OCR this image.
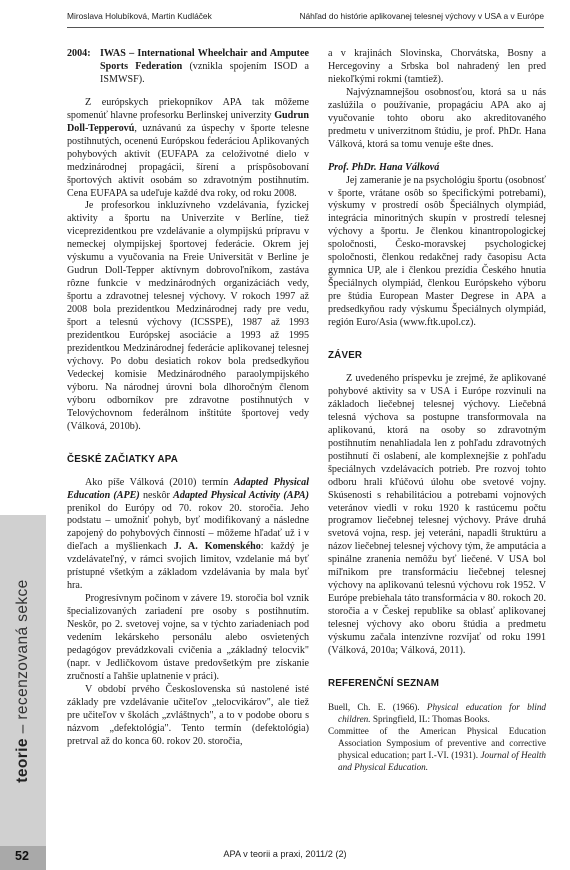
Miroslava Holubíková, Martin Kudláček	Náhľad do histórie aplikovanej telesnej výchovy v USA a v Európe
teorie – recenzovaná sekce
2004: IWAS – International Wheelchair and Amputee Sports Federation (vznikla spojením ISOD a ISMWSF).

Z európskych priekopníkov APA tak môžeme spomenúť hlavne profesorku Berlinskej univerzity Gudrun Doll-Tepperovú, uznávanú za úspechy v športe telesne postihnutých, ocenenú Európskou federáciou Aplikovaných pohybových aktivít (EUFAPA za celoživotné dielo v medzinárodnej propagácii, šírení a príspôsobovaní športových aktivít osobám so zdravotným postihnutím. Cena EUFAPA sa udeľuje každé dva roky, od roku 2008.

Je profesorkou inkluzívneho vzdelávania, fyzickej aktivity a športu na Univerzite v Berlíne, tiež viceprezidentkou pre vzdelávanie a olympijskú prípravu v nemeckej olympijskej športovej federácie. Okrem jej výskumu a vyučovania na Freie Universität v Berline je Gudrun Doll-Tepper aktívnym dobrovoľníkom, zastáva rôzne funkcie v medzinárodných organizáciách vedy, športu a zdravotnej telesnej výchovy. V rokoch 1997 až 2008 bola prezidentkou Medzinárodnej rady pre vedu, šport a telesnú výchovy (ICSSPE), 1987 až 1993 prezidentkou Európskej asociácie a 1993 až 1995 prezidentkou Medzinárodnej federácie aplikovanej telesnej výchovy. Po dobu desiatich rokov bola predsedkyňou Vedeckej komisie Medzinárodného paraolympijského výboru. Na národnej úrovni bola dlhoročným členom výboru odborníkov pre zdravotne postihnutých v Telovýchovnom federálnom inštitúte športovej vedy (Válková, 2010b).

ČESKÉ ZAČIATKY APA

Ako píše Válková (2010) termín Adapted Physical Education (APE) neskôr Adapted Physical Activity (APA) prenikol do Európy od 70. rokov 20. storočia. Jeho podstatu – umožniť pohyb, byť modifikovaný a následne zapojený do pohybových činností – môžeme hľadať už i v dieľach a myšlienkach J. A. Komenského: každý je vzdelávateľný, v rámci svojich limitov, vzdelanie má byť prístupné všetkým a základom vzdelávania by mala byť hra.

Progresívnym počinom v závere 19. storočia bol vznik špecializovaných zariadení pre osoby s postihnutím. Neskôr, po 2. svetovej vojne, sa v týchto zariadeniach pod vedením lekárskeho personálu alebo osvietených pedagógov prevádzkovali cvičenia a „základný telocvik" (napr. v Jedličkovom ústave predovšetkým pre získanie zručností a ľahšie uplatnenie v práci).

V období prvého Československa sú nastolené isté základy pre vzdelávanie učiteľov „telocvikárov", ale tiež pre učiteľov v školách „zvláštnych", a to v podobe oboru s názvom „defektológia". Tento termín (defektológia) pretrval až do konca 60. rokov 20. storočia,

a v krajinách Slovinska, Chorvátska, Bosny a Hercegoviny a Srbska bol nahradený len pred niekoľkými rokmi (tamtiež).

Najvýznamnejšou osobnosťou, ktorá sa u nás zaslúžila o používanie, propagáciu APA ako aj vyučovanie tohto oboru ako akreditovaného predmetu v univerzitnom štúdiu, je prof. PhDr. Hana Válková, ktorá sa tomu venuje ešte dnes.

Prof. PhDr. Hana Válková

Jej zameranie je na psychológiu športu (osobnosť v športe, vrátane osôb so špecifickými potrebami), výskumy v prostredí osôb Špeciálnych olympiád, integrácia minoritných skupín v prostredí telesnej výchovy a športu. Je členkou kinantropologickej spoločnosti, Česko-moravskej psychologickej spoločnosti, členkou redakčnej rady časopisu Acta gymnica UP, ale i členkou prezídia Českého hnutia Špeciálnych olympiád, členkou Európskeho výboru pre štúdia European Master Degrese in APA a predsedkyňou rady výskumu Špeciálnych olympiád, región Euro/Asia (www.ftk.upol.cz).

ZÁVER

Z uvedeného príspevku je zrejmé, že aplikované pohybové aktivity sa v USA i Európe rozvinuli na základoch liečebnej telesnej výchovy. Liečebná telesná výchova sa postupne transformovala na aplikovanú, ktorá na osoby so zdravotným postihnutím nenahliadala len z pohľadu zdravotných postihnutí či oslabení, ale komplexnejšie z pohľadu špeciálnych vzdelávacích potrieb. Pre rozvoj tohto odboru hrali kľúčovú úlohu obe svetové vojny. Skúsenosti s rehabilitáciou a potrebami vojnových veteránov viedli v roku 1920 k rastúcemu počtu programov liečebnej telesnej výchovy. Práve druhá svetová vojna, resp. jej veteráni, napadli štruktúru a názov liečebnej telesnej výchovy tým, že amputácia a spinálne zranenia nemôžu byť liečené. V USA bol míľnikom pre transformáciu liečebnej telesnej výchovy na aplikovanú telesnú výchovu rok 1952. V Európe prebiehala táto transformácia v 80. rokoch 20. storočia a v Českej republike sa oblasť aplikovanej telesnej výchovy ako oboru štúdia a predmetu výskumu začala intenzívne rozvíjať od roku 1991 (Válková, 2010a; Válková, 2011).

REFERENČNÍ SEZNAM

Buell, Ch. E. (1966). Physical education for blind children. Springfield, IL: Thomas Books.

Committee of the American Physical Education Association Symposium of preventive and corrective physical education; part I.-VI. (1931). Journal of Health and Physical Education.

52	APA v teorii a praxi, 2011/2 (2)
